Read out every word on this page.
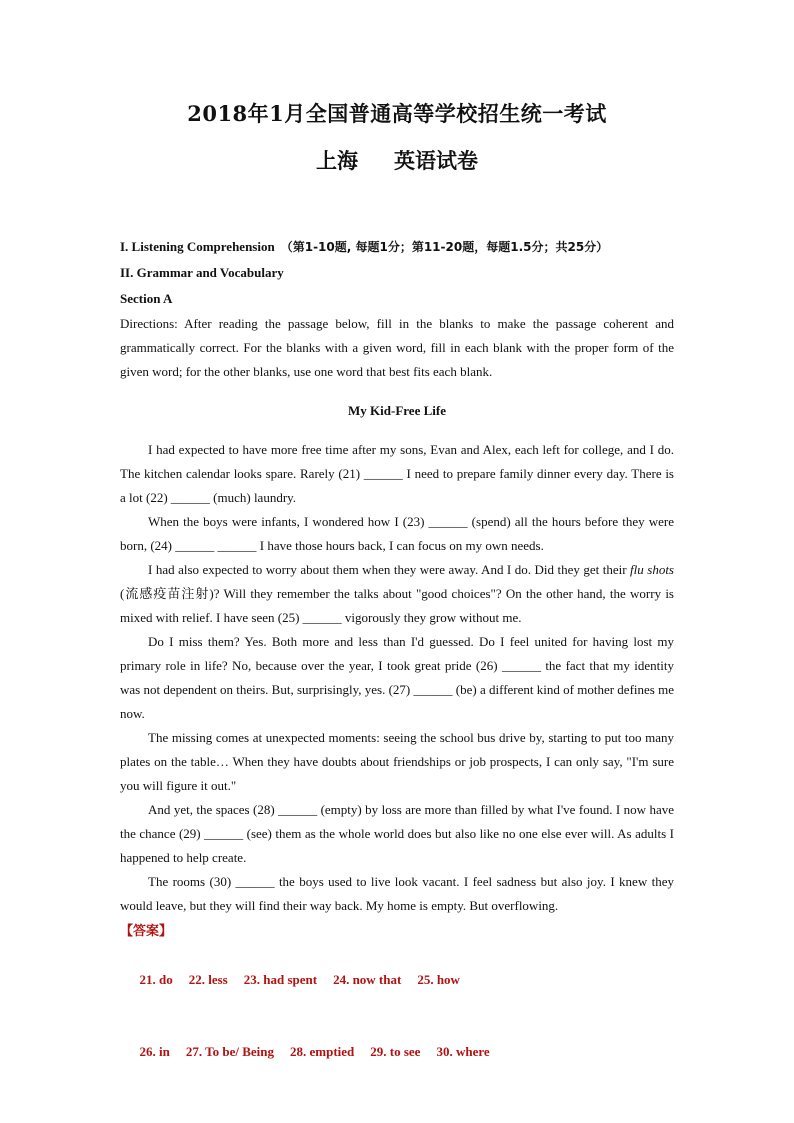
2018年1月全国普通高等学校招生统一考试
上海 英语试卷
I. Listening Comprehension （第1-10题, 每题1分；第11-20题，每题1.5分；共25分）
II. Grammar and Vocabulary
Section A
Directions: After reading the passage below, fill in the blanks to make the passage coherent and grammatically correct. For the blanks with a given word, fill in each blank with the proper form of the given word; for the other blanks, use one word that best fits each blank.
My Kid-Free Life
I had expected to have more free time after my sons, Evan and Alex, each left for college, and I do. The kitchen calendar looks spare. Rarely (21) ______ I need to prepare family dinner every day. There is a lot (22) ______ (much) laundry.
When the boys were infants, I wondered how I (23) ______ (spend) all the hours before they were born, (24) ______ ______ I have those hours back, I can focus on my own needs.
I had also expected to worry about them when they were away. And I do. Did they get their flu shots (流感疫苗注射)? Will they remember the talks about "good choices"? On the other hand, the worry is mixed with relief. I have seen (25) ______ vigorously they grow without me.
Do I miss them? Yes. Both more and less than I'd guessed. Do I feel united for having lost my primary role in life? No, because over the year, I took great pride (26) ______ the fact that my identity was not dependent on theirs. But, surprisingly, yes. (27) ______ (be) a different kind of mother defines me now.
The missing comes at unexpected moments: seeing the school bus drive by, starting to put too many plates on the table… When they have doubts about friendships or job prospects, I can only say, "I'm sure you will figure it out."
And yet, the spaces (28) ______ (empty) by loss are more than filled by what I've found. I now have the chance (29) ______ (see) them as the whole world does but also like no one else ever will. As adults I happened to help create.
The rooms (30) ______ the boys used to live look vacant. I feel sadness but also joy. I knew they would leave, but they will find their way back. My home is empty. But overflowing.
【答案】

21. do 22. less 23. had spent 24. now that 25. how

26. in 27. To be/ Being 28. emptied 29. to see 30. where
